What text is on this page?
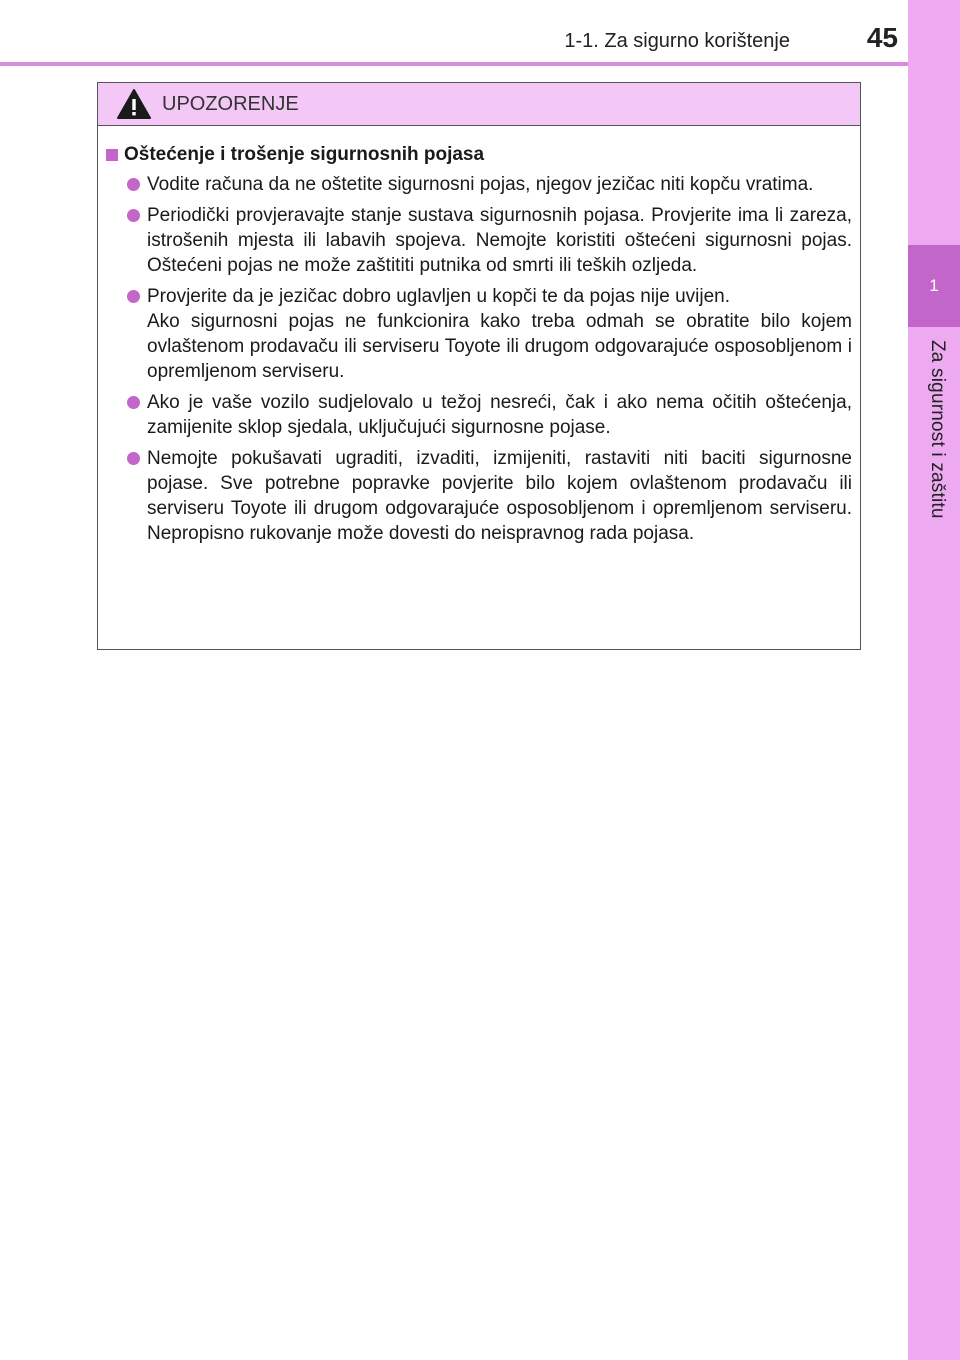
1-1. Za sigurno korištenje	45
1
Za sigurnost i zaštitu
UPOZORENJE
Oštećenje i trošenje sigurnosnih pojasa

Vodite računa da ne oštetite sigurnosni pojas, njegov jezičac niti kopču vratima.

Periodički provjeravajte stanje sustava sigurnosnih pojasa. Provjerite ima li zareza, istrošenih mjesta ili labavih spojeva. Nemojte koristiti oštećeni sigurnosni pojas. Oštećeni pojas ne može zaštititi putnika od smrti ili teških ozljeda.

Provjerite da je jezičac dobro uglavljen u kopči te da pojas nije uvijen.

Ako sigurnosni pojas ne funkcionira kako treba odmah se obratite bilo kojem ovlaštenom prodavaču ili serviseru Toyote ili drugom odgovarajuće osposobljenom i opremljenom serviseru.

Ako je vaše vozilo sudjelovalo u težoj nesreći, čak i ako nema očitih oštećenja, zamijenite sklop sjedala, uključujući sigurnosne pojase.

Nemojte pokušavati ugraditi, izvaditi, izmijeniti, rastaviti niti baciti sigurnosne pojase. Sve potrebne popravke povjerite bilo kojem ovlaštenom prodavaču ili serviseru Toyote ili drugom odgovarajuće osposobljenom i opremljenom serviseru. Nepropisno rukovanje može dovesti do neispravnog rada pojasa.
